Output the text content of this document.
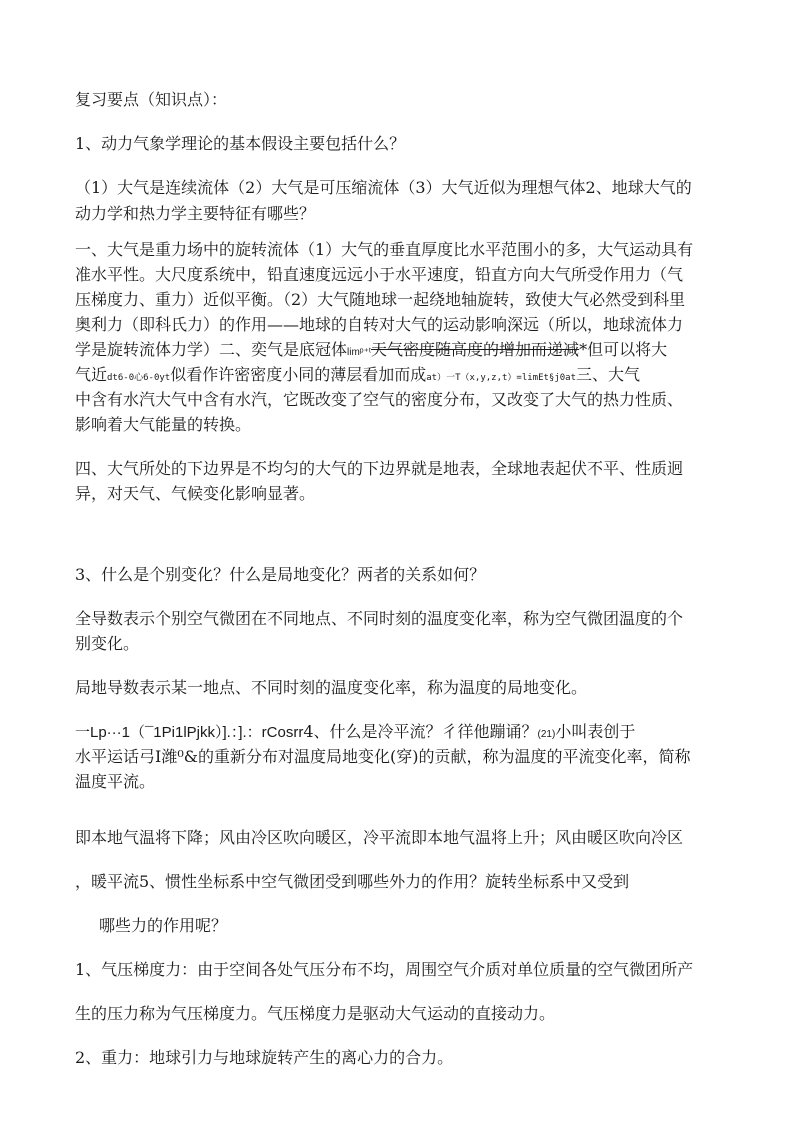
复习要点（知识点）：
1、动力气象学理论的基本假设主要包括什么？
（1）大气是连续流体（2）大气是可压缩流体（3）大气近似为理想气体2、地球大气的
动力学和热力学主要特征有哪些？
一、大气是重力场中的旋转流体（1）大气的垂直厚度比水平范围小的多，大气运动具有
准水平性。大尺度系统中，铅直速度远远小于水平速度，铅直方向大气所受作用力（气
压梯度力、重力）近似平衡。（2）大气随地球一起绕地轴旋转，致使大气必然受到科里
奥利力（即科氏力）的作用——地球的自转对大气的运动影响深远（所以，地球流体力
学是旋转流体力学）二、奕气是底冠体limᵖ⁺ᵗ天气密度随高度的增加而递减*但可以将大
气近dt6-0心6-0yt似看作许密密度小同的薄层看加而成at）一T（x,y,z,t）=limEt§j0at三、大气
中含有水汽大气中含有水汽，它既改变了空气的密度分布，又改变了大气的热力性质、
影响着大气能量的转换。
四、大气所处的下边界是不均匀的大气的下边界就是地表，全球地表起伏不平、性质迥
异，对天气、气候变化影响显著。
3、什么是个别变化？什么是局地变化？两者的关系如何？
全导数表示个别空气微团在不同地点、不同时刻的温度变化率，称为空气微团温度的个
别变化。
局地导数表示某一地点、不同时刻的温度变化率，称为温度的局地变化。
一Lp···1（¯1Pi1lPjkk）].：].：rCosrr4、什么是冷平流？彳徉他蹦诵？(21)小叫表创于
水平运话弓I潍⁰&的重新分布对温度局地变化(穿)的贡献，称为温度的平流变化率，简称
温度平流。
即本地气温将下降；风由冷区吹向暖区，冷平流即本地气温将上升；风由暖区吹向冷区
，暖平流5、惯性坐标系中空气微团受到哪些外力的作用？旋转坐标系中又受到
哪些力的作用呢？
1、气压梯度力：由于空间各处气压分布不均，周围空气介质对单位质量的空气微团所产
生的压力称为气压梯度力。气压梯度力是驱动大气运动的直接动力。
2、重力：地球引力与地球旋转产生的离心力的合力。
